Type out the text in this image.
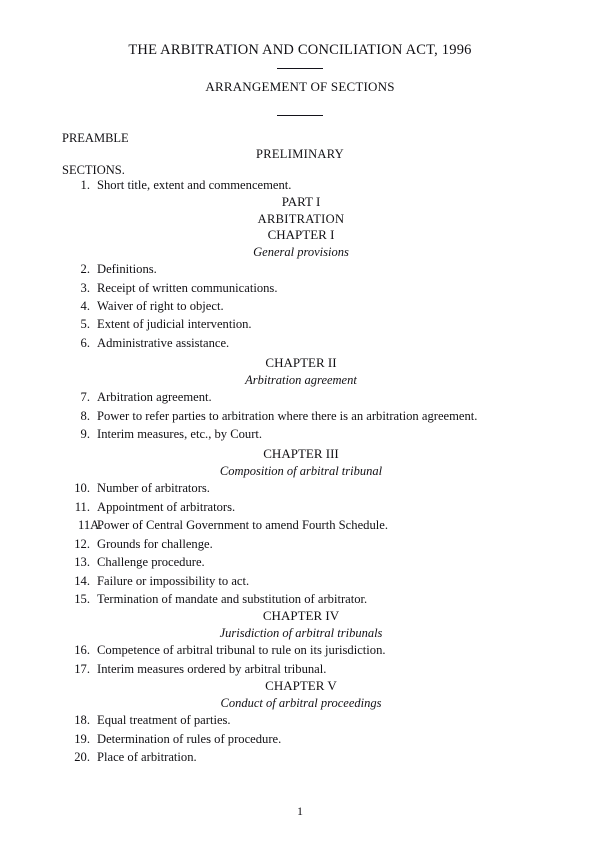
THE ARBITRATION AND CONCILIATION ACT, 1996
ARRANGEMENT OF SECTIONS
PREAMBLE
PRELIMINARY
SECTIONS.
1. Short title, extent and commencement.
PART I
ARBITRATION
CHAPTER I
General provisions
2. Definitions.
3. Receipt of written communications.
4. Waiver of right to object.
5. Extent of judicial intervention.
6. Administrative assistance.
CHAPTER II
Arbitration agreement
7. Arbitration agreement.
8. Power to refer parties to arbitration where there is an arbitration agreement.
9. Interim measures, etc., by Court.
CHAPTER III
Composition of arbitral tribunal
10. Number of arbitrators.
11. Appointment of arbitrators.
11A.
Power of Central Government to amend Fourth Schedule.
12. Grounds for challenge.
13. Challenge procedure.
14. Failure or impossibility to act.
15. Termination of mandate and substitution of arbitrator.
CHAPTER IV
Jurisdiction of arbitral tribunals
16. Competence of arbitral tribunal to rule on its jurisdiction.
17. Interim measures ordered by arbitral tribunal.
CHAPTER V
Conduct of arbitral proceedings
18. Equal treatment of parties.
19. Determination of rules of procedure.
20. Place of arbitration.
1
